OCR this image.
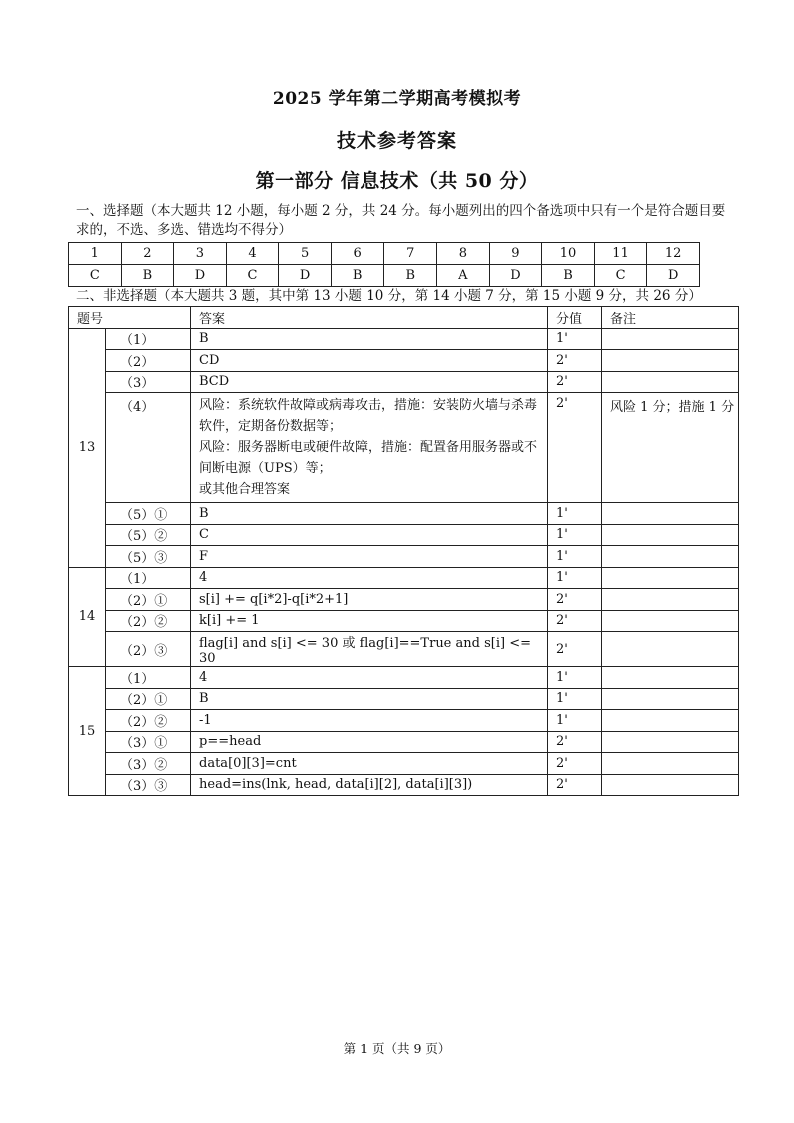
2025 学年第二学期高考模拟考
技术参考答案
第一部分 信息技术（共 50 分）
一、选择题（本大题共 12 小题，每小题 2 分，共 24 分。每小题列出的四个备选项中只有一个是符合题目要求的，不选、多选、错选均不得分）
1	2	3	4	5	6	7	8	9	10	11	12
C	B	D	C	D	B	B	A	D	B	C	D
二、非选择题（本大题共 3 题，其中第 13 小题 10 分，第 14 小题 7 分，第 15 小题 9 分，共 26 分）
题号		答案	分值	备注
13	（1）	B	1'	
	（2）	CD	2'	
	（3）	BCD	2'	
	（4）	风险：系统软件故障或病毒攻击，措施：安装防火墙与杀毒软件，定期备份数据等；
风险：服务器断电或硬件故障，措施：配置备用服务器或不间断电源（UPS）等；
或其他合理答案	2'	风险 1 分；措施 1 分
	（5）①	B	1'	
	（5）②	C	1'	
	（5）③	F	1'	
14	（1）	4	1'	
	（2）①	s[i] += q[i*2]-q[i*2+1]	2'	
	（2）②	k[i] += 1	2'	
	（2）③	flag[i] and s[i] <= 30 或 flag[i]==True and s[i] <= 30	2'	
15	（1）	4	1'	
	（2）①	B	1'	
	（2）②	-1	1'	
	（3）①	p==head	2'	
	（3）②	data[0][3]=cnt	2'	
	（3）③	head=ins(lnk, head, data[i][2], data[i][3])	2'	
第 1 页（共 9 页）
